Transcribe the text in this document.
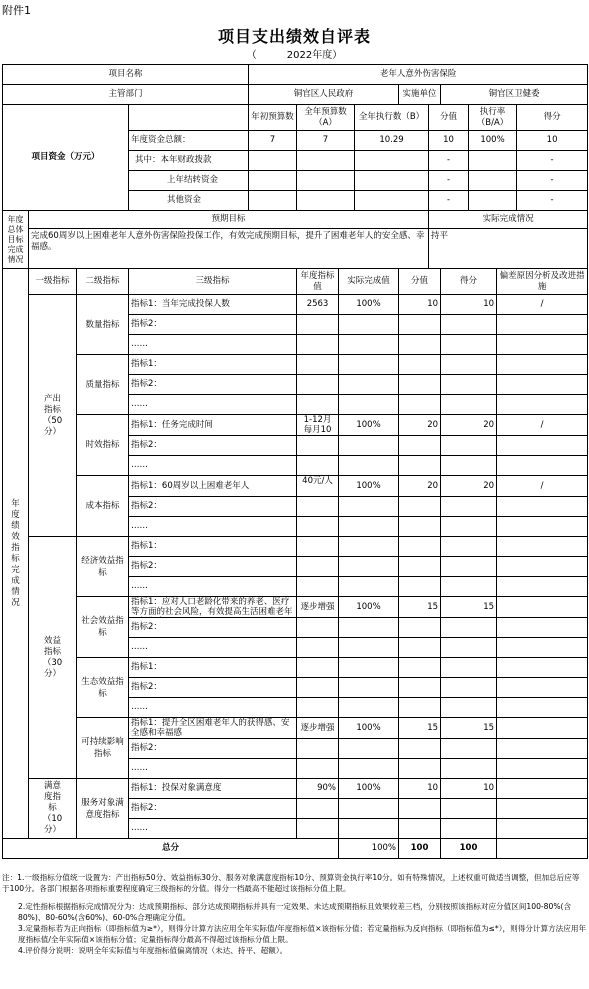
附件1
项目支出绩效自评表
（	2022年度）
项目名称				老年人意外伤害保险									
主管部门				铜官区人民政府				实施单位		铜官区卫健委			
项目资金（万元）				年初预算数	全年预算数（A）		全年执行数（B）		分值		执行率（B/A）		得分
			年度资金总额：	7	7		10.29		10		100%		10
			其中：本年财政拨款						-				-
			上年结转资金						-				-
			其他资金						-				-
年度总体目标完成情况	预期目标								实际完成情况				
	完成60周岁以上困难老年人意外伤害保险投保工作，有效完成预期目标，提升了困难老年人的安全感、幸福感。								持平				
年度绩效指标完成情况	一级指标	二级指标	三级指标		年度指标值	实际完成值		分值		得分		偏差原因分析及改进措施	
	产出指标（50分）	数量指标	指标1：当年完成投保人数		2563	100%		10		10		/	

			指标2：										

			……										

		质量指标	指标1：										

			指标2：										

			……										

		时效指标	指标1：任务完成时间		1-12月 每月10	100%		20		20		/	

			指标2：										

			……										

		成本指标	指标1：60周岁以上困难老年人		40元/人	100%		20		20		/	

			指标2：										

			……										

	效益指标（30分）	经济效益指标	指标1：										

			指标2：										

			……										

		社会效益指标	指标1：应对人口老龄化带来的养老、医疗等方面的社会风险，有效提高生活困难老年		逐步增强	100%		15		15			

			指标2：										

			……										

		生态效益指标	指标1：										

			指标2：										

			……										

		可持续影响指标	指标1：提升全区困难老年人的获得感、安全感和幸福感		逐步增强	100%		15		15			

			指标2：										

			……										

	满意度指标（10分）	服务对象满意度指标	指标1：投保对象满意度		90%	100%		10		10			

			指标2：										

			……										

总分						100%		100		100			

注：1.一级指标分值统一设置为：产出指标50分、效益指标30分、服务对象满意度指标10分、预算资金执行率10分。如有特殊情况，上述权重可做适当调整，但加总后应等于100分。各部门根据各项指标重要程度确定三级指标的分值。得分一档最高不能超过该指标分值上限。

2.定性指标根据指标完成情况分为：达成预期指标、部分达成预期指标并具有一定效果、未达成预期指标且效果较差三档，分别按照该指标对应分值区间100-80%(含80%)、80-60%(含60%)、60-0%合理确定分值。

3.定量指标若为正向指标（即指标值为≥*），则得分计算方法应用全年实际值/年度指标值×该指标分值；若定量指标为反向指标（即指标值为≤*），则得分计算方法应用年度指标值/全年实际值×该指标分值；定量指标得分最高不得超过该指标分值上限。

4.评价得分说明：说明全年实际值与年度指标值偏离情况（未达、持平、超额）。
